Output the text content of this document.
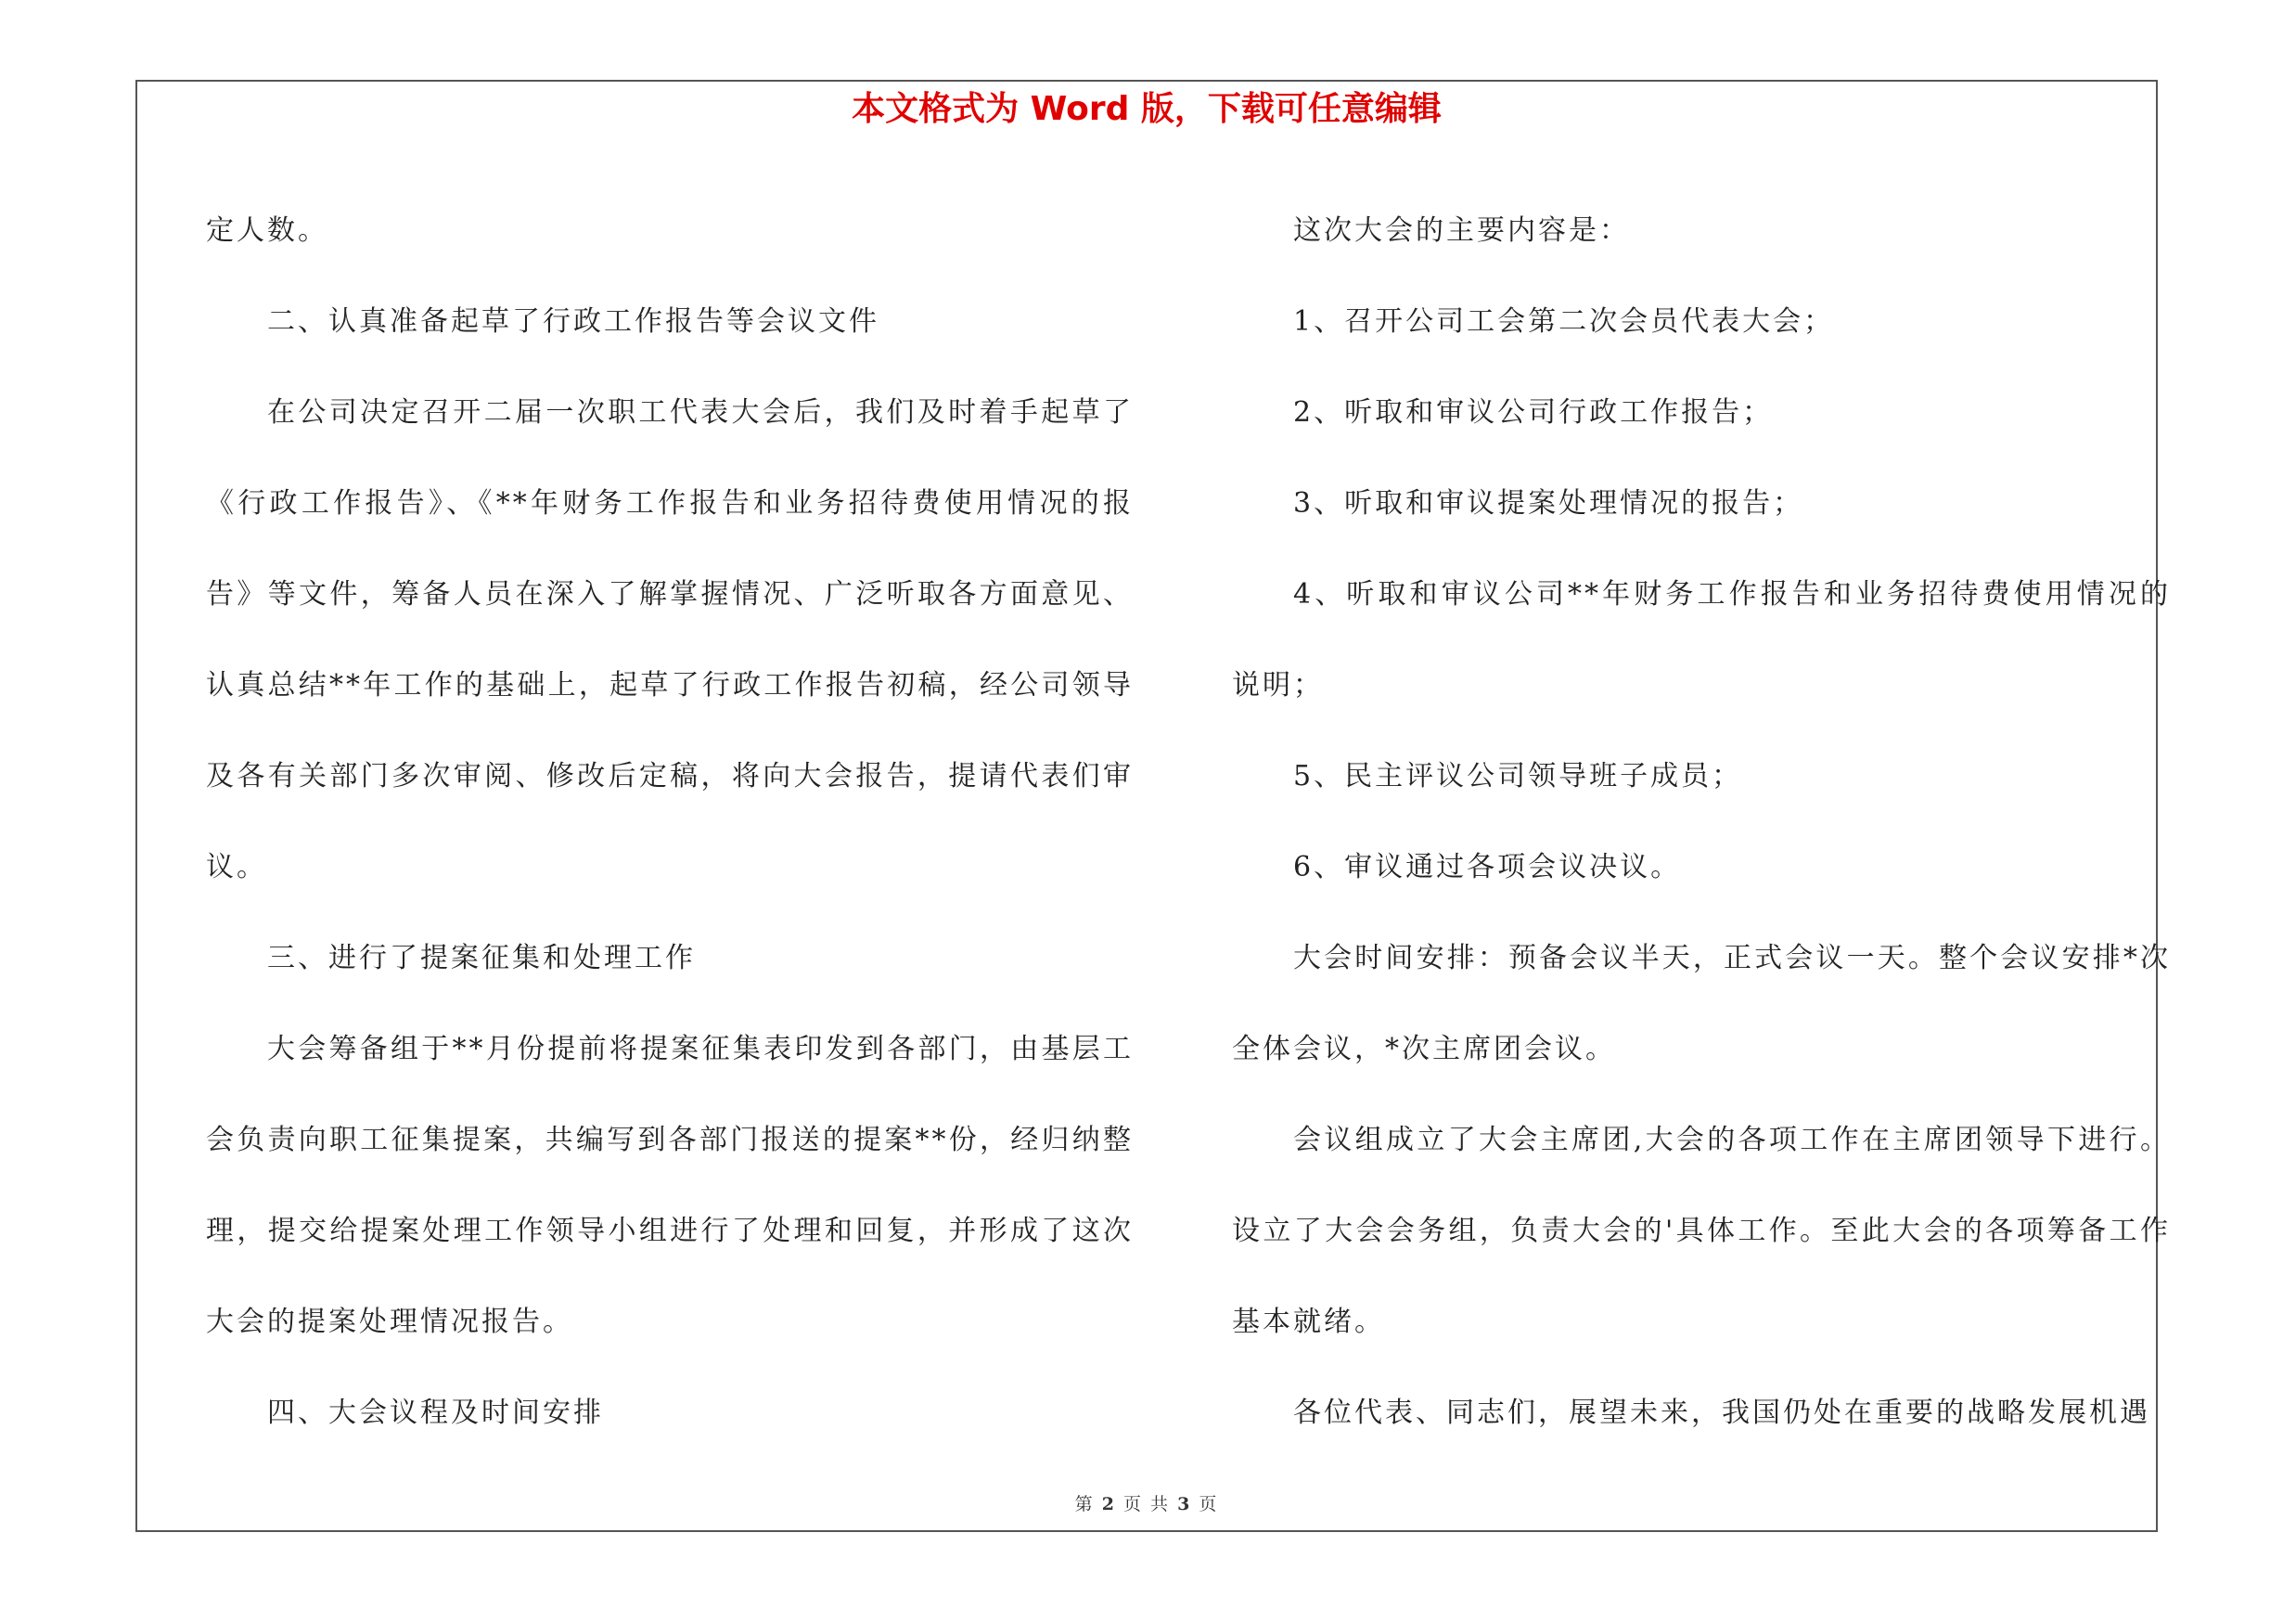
本文格式为 Word 版，下载可任意编辑

定人数。

二、认真准备起草了行政工作报告等会议文件

在公司决定召开二届一次职工代表大会后，我们及时着手起草了《行政工作报告》、《**年财务工作报告和业务招待费使用情况的报告》等文件，筹备人员在深入了解掌握情况、广泛听取各方面意见、认真总结**年工作的基础上，起草了行政工作报告初稿，经公司领导及各有关部门多次审阅、修改后定稿，将向大会报告，提请代表们审议。

三、进行了提案征集和处理工作

大会筹备组于**月份提前将提案征集表印发到各部门，由基层工会负责向职工征集提案，共编写到各部门报送的提案**份，经归纳整理，提交给提案处理工作领导小组进行了处理和回复，并形成了这次大会的提案处理情况报告。

四、大会议程及时间安排

这次大会的主要内容是：

1、召开公司工会第二次会员代表大会；

2、听取和审议公司行政工作报告；

3、听取和审议提案处理情况的报告；

4、听取和审议公司**年财务工作报告和业务招待费使用情况的说明；

5、民主评议公司领导班子成员；

6、审议通过各项会议决议。

大会时间安排：预备会议半天，正式会议一天。整个会议安排*次全体会议，*次主席团会议。

会议组成立了大会主席团,大会的各项工作在主席团领导下进行。设立了大会会务组，负责大会的'具体工作。至此大会的各项筹备工作基本就绪。

各位代表、同志们，展望未来，我国仍处在重要的战略发展机遇

第 2 页 共 3 页
